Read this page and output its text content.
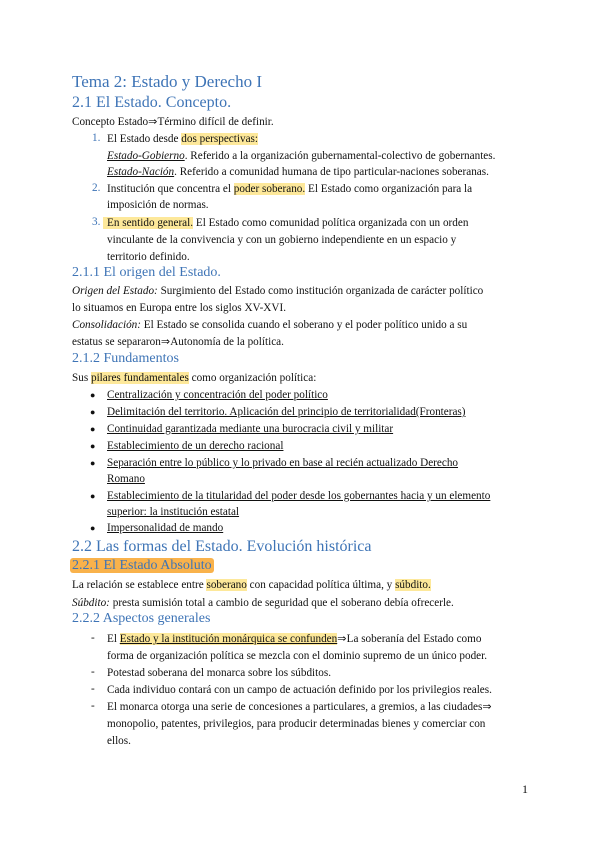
Tema 2: Estado y Derecho I
2.1 El Estado. Concepto.
Concepto Estado⇒Término difícil de definir.
1. El Estado desde dos perspectivas:
Estado-Gobierno. Referido a la organización gubernamental-colectivo de gobernantes.
Estado-Nación. Referido a comunidad humana de tipo particular-naciones soberanas.
2. Institución que concentra el poder soberano. El Estado como organización para la
imposición de normas.
3. En sentido general. El Estado como comunidad política organizada con un orden
vinculante de la convivencia y con un gobierno independiente en un espacio y
territorio definido.
2.1.1 El origen del Estado.
Origen del Estado: Surgimiento del Estado como institución organizada de carácter político
lo situamos en Europa entre los siglos XV-XVI.
Consolidación: El Estado se consolida cuando el soberano y el poder político unido a su
estatus se separaron⇒Autonomía de la política.
2.1.2 Fundamentos
Sus pilares fundamentales como organización política:
● Centralización y concentración del poder político
● Delimitación del territorio. Aplicación del principio de territorialidad(Fronteras)
● Continuidad garantizada mediante una burocracia civil y militar
● Establecimiento de un derecho racional
● Separación entre lo público y lo privado en base al recién actualizado Derecho
Romano
● Establecimiento de la titularidad del poder desde los gobernantes hacia y un elemento
superior: la institución estatal
● Impersonalidad de mando
2.2 Las formas del Estado. Evolución histórica
2.2.1 El Estado Absoluto
La relación se establece entre soberano con capacidad política última, y súbdito.
Súbdito: presta sumisión total a cambio de seguridad que el soberano debía ofrecerle.
2.2.2 Aspectos generales
- El Estado y la institución monárquica se confunden⇒La soberanía del Estado como
forma de organización política se mezcla con el dominio supremo de un único poder.
- Potestad soberana del monarca sobre los súbditos.
- Cada individuo contará con un campo de actuación definido por los privilegios reales.
- El monarca otorga una serie de concesiones a particulares, a gremios, a las ciudades⇒
monopolio, patentes, privilegios, para producir determinadas bienes y comerciar con
ellos.
1
